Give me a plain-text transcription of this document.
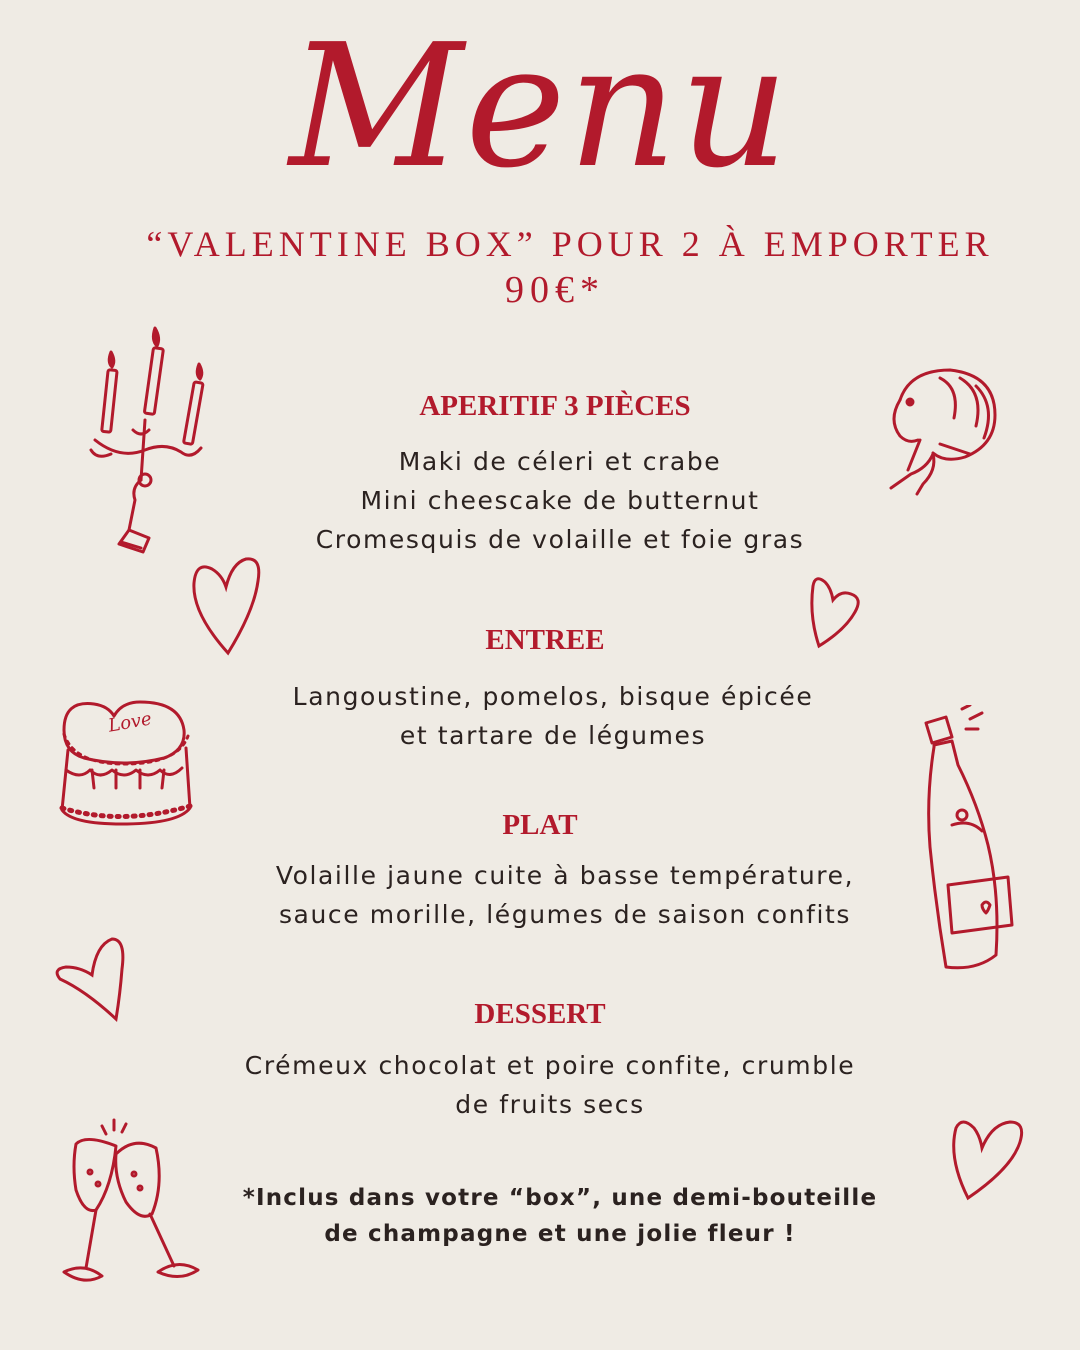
Menu
“VALENTINE BOX” POUR 2 À EMPORTER
90€*
APERITIF 3 PIÈCES
Maki de céleri et crabe
Mini cheescake de butternut
Cromesquis de volaille et foie gras
ENTREE
Langoustine, pomelos, bisque épicée
et tartare de légumes
PLAT
Volaille jaune cuite à basse température,
sauce morille, légumes de saison confits
DESSERT
Crémeux chocolat et poire confite, crumble
de fruits secs
*Inclus dans votre “box”, une demi-bouteille
de champagne et une jolie fleur !
Love
